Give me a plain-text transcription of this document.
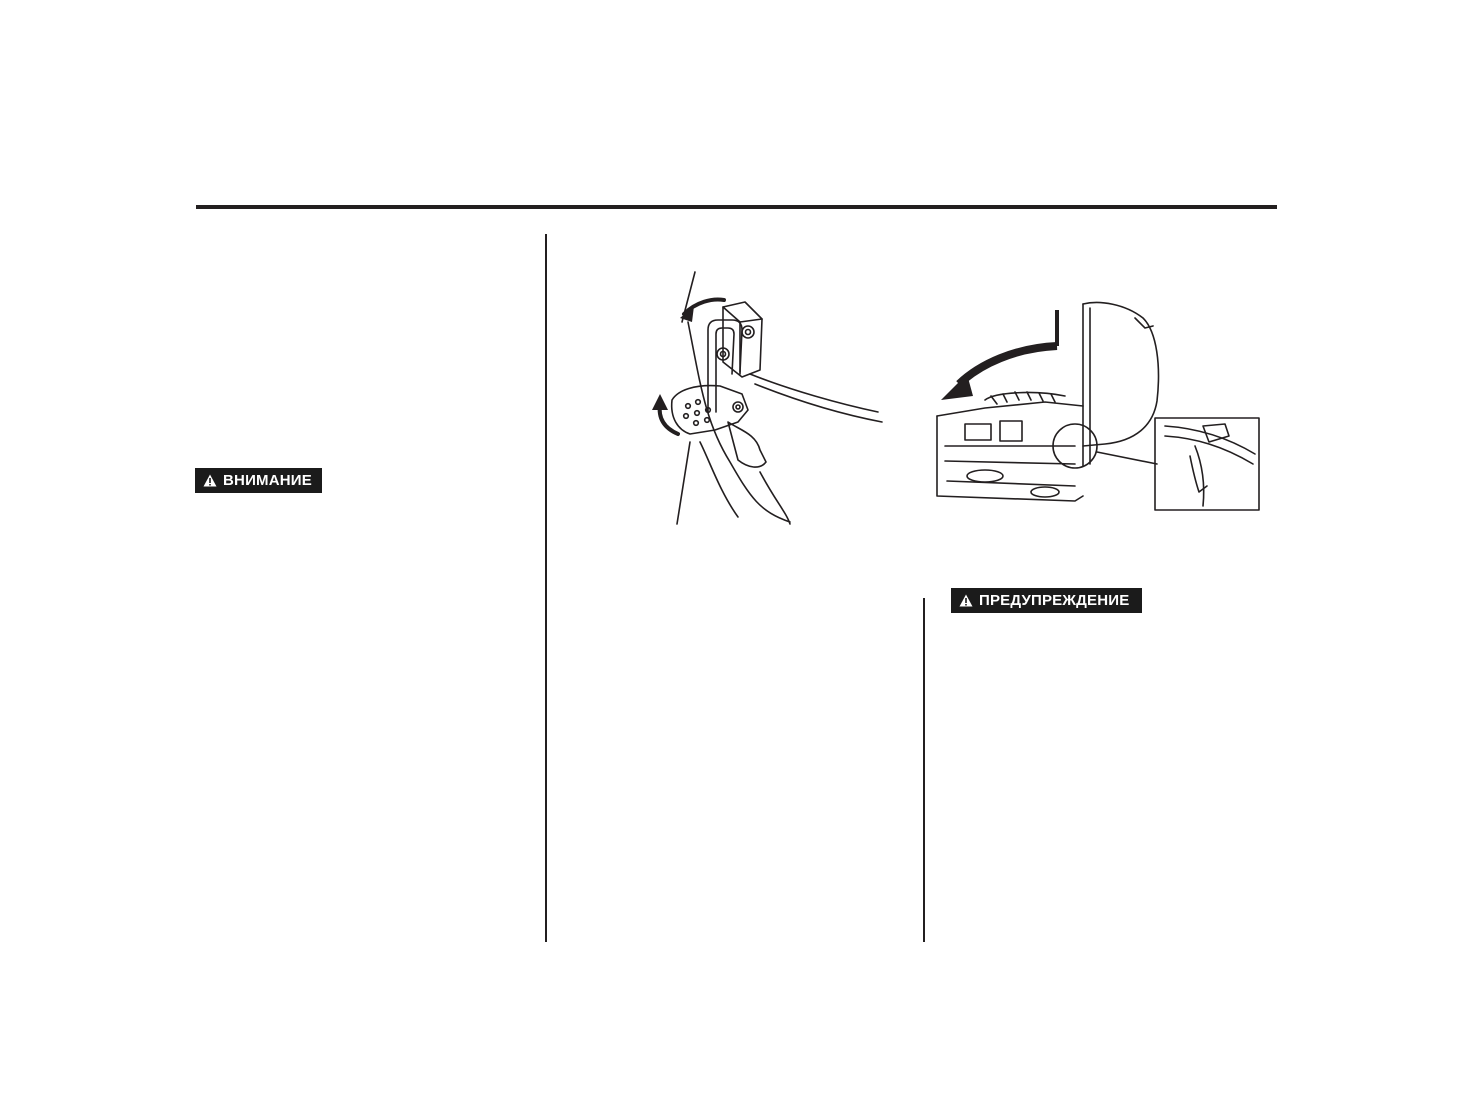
ВНИМАНИЕ
ПРЕДУПРЕЖДЕНИЕ
